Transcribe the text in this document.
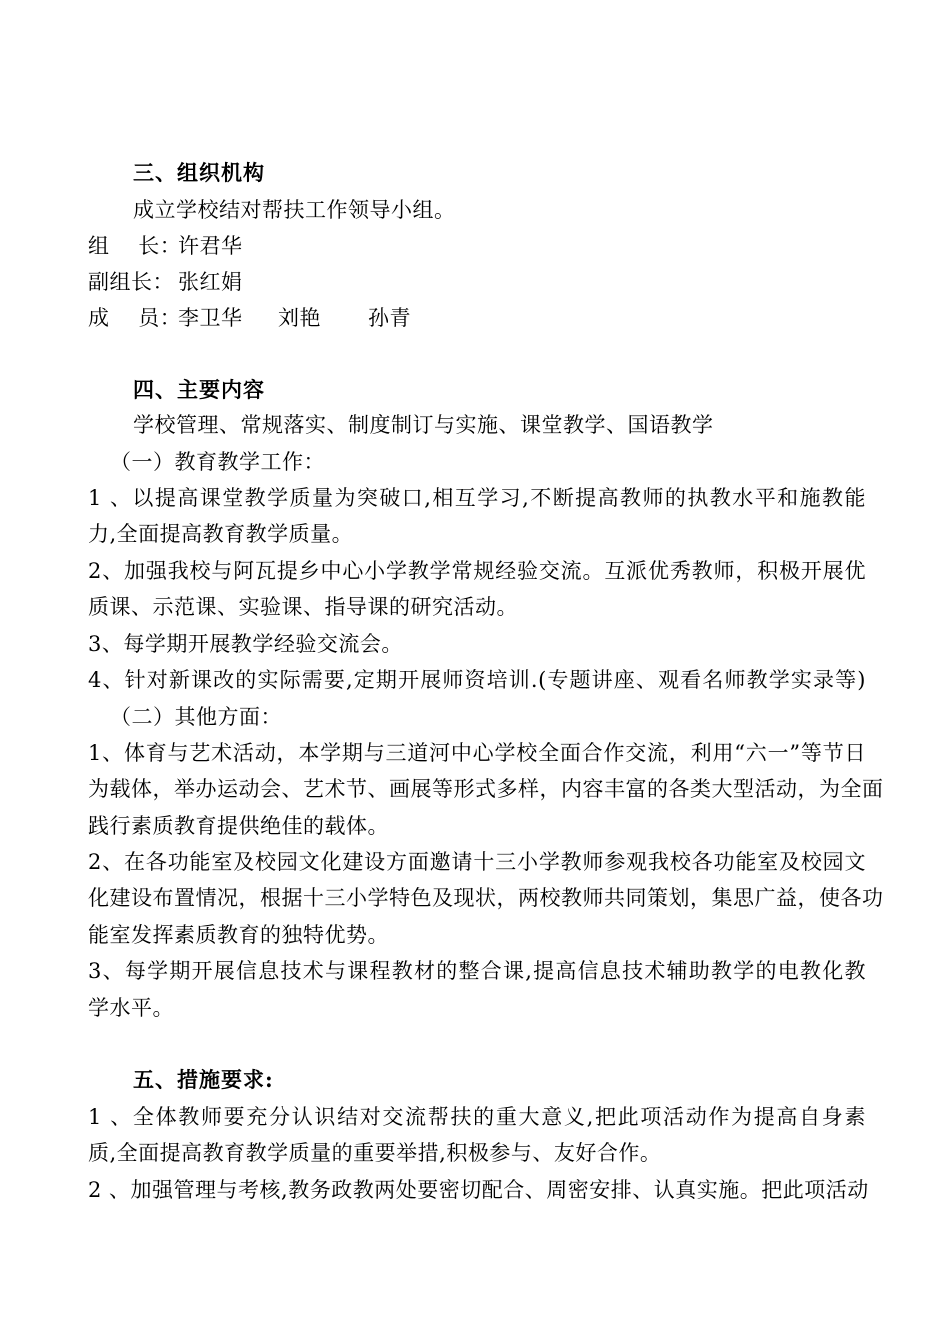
三、组织机构
成立学校结对帮扶工作领导小组。
组    长：
许君华
副组长： 张红娟
成    员：
李卫华 刘艳 孙青
四、主要内容
学校管理、常规落实、制度制订与实施、课堂教学、国语教学
（一）教育教学工作：
1 、以提高课堂教学质量为突破口,相互学习,不断提高教师的执教水平和施教能
力,全面提高教育教学质量。
2、加强我校与阿瓦提乡中心小学教学常规经验交流。互派优秀教师，积极开展优
质课、示范课、实验课、指导课的研究活动。
3、每学期开展教学经验交流会。
4、针对新课改的实际需要,定期开展师资培训.(专题讲座、观看名师教学实录等)
（二）其他方面：
1、体育与艺术活动，本学期与三道河中心学校全面合作交流，利用“六一”等节日
为载体，举办运动会、艺术节、画展等形式多样，内容丰富的各类大型活动，为全面
践行素质教育提供绝佳的载体。
2、在各功能室及校园文化建设方面邀请十三小学教师参观我校各功能室及校园文
化建设布置情况，根据十三小学特色及现状，两校教师共同策划，集思广益，使各功
能室发挥素质教育的独特优势。
3、每学期开展信息技术与课程教材的整合课,提高信息技术辅助教学的电教化教
学水平。
五、措施要求:
1 、全体教师要充分认识结对交流帮扶的重大意义,把此项活动作为提高自身素
质,全面提高教育教学质量的重要举措,积极参与、友好合作。
2 、加强管理与考核,教务政教两处要密切配合、周密安排、认真实施。把此项活动
